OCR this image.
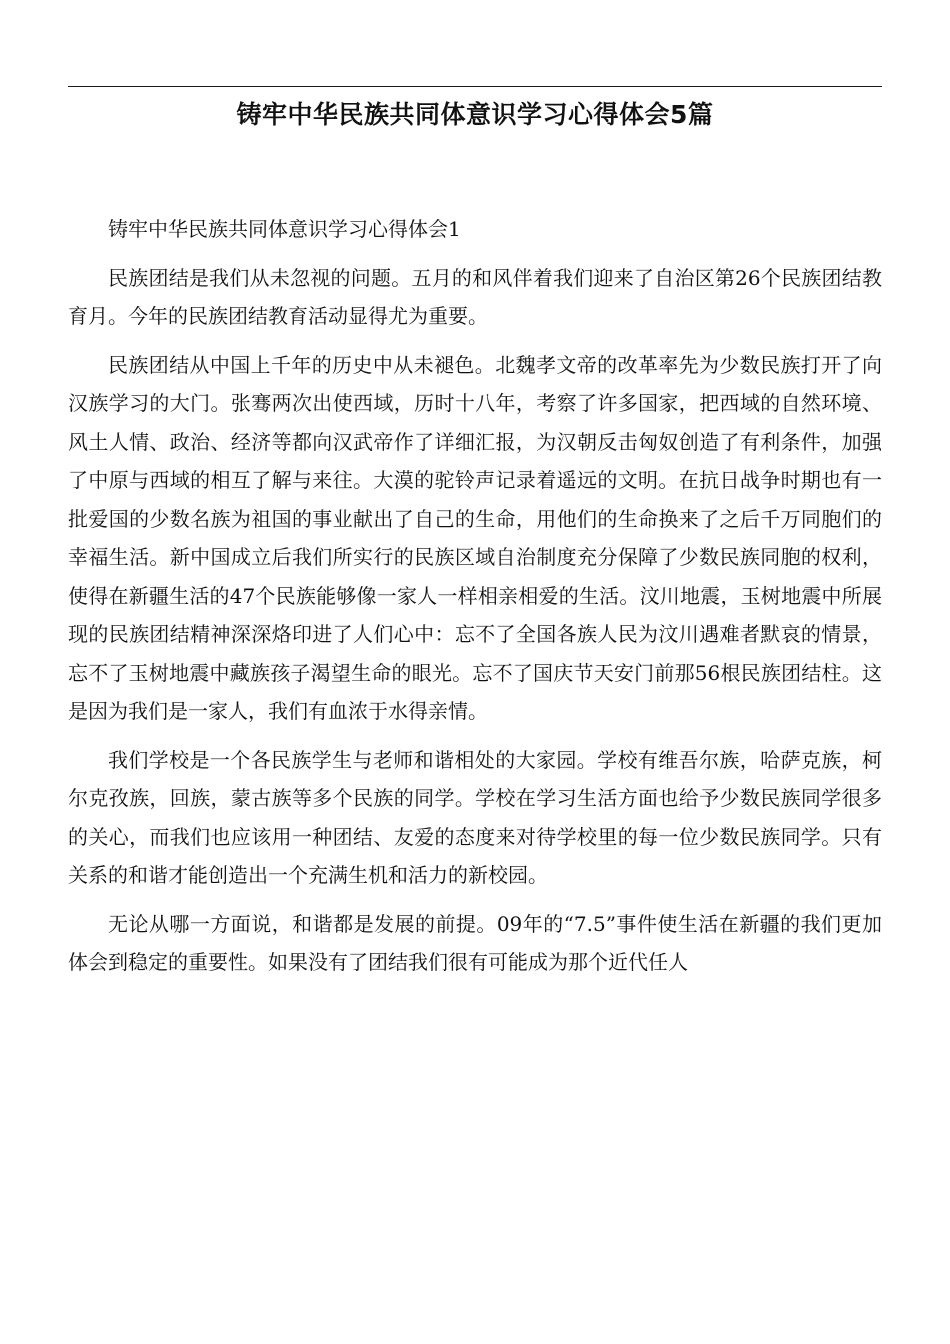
铸牢中华民族共同体意识学习心得体会5篇

铸牢中华民族共同体意识学习心得体会1

民族团结是我们从未忽视的问题。五月的和风伴着我们迎来了自治区第26个民族团结教育月。今年的民族团结教育活动显得尤为重要。

民族团结从中国上千年的历史中从未褪色。北魏孝文帝的改革率先为少数民族打开了向汉族学习的大门。张骞两次出使西域，历时十八年，考察了许多国家，把西域的自然环境、风土人情、政治、经济等都向汉武帝作了详细汇报，为汉朝反击匈奴创造了有利条件，加强了中原与西域的相互了解与来往。大漠的驼铃声记录着遥远的文明。在抗日战争时期也有一批爱国的少数名族为祖国的事业献出了自己的生命，用他们的生命换来了之后千万同胞们的幸福生活。新中国成立后我们所实行的民族区域自治制度充分保障了少数民族同胞的权利，使得在新疆生活的47个民族能够像一家人一样相亲相爱的生活。汶川地震，玉树地震中所展现的民族团结精神深深烙印进了人们心中：忘不了全国各族人民为汶川遇难者默哀的情景，忘不了玉树地震中藏族孩子渴望生命的眼光。忘不了国庆节天安门前那56根民族团结柱。这是因为我们是一家人，我们有血浓于水得亲情。

我们学校是一个各民族学生与老师和谐相处的大家园。学校有维吾尔族，哈萨克族，柯尔克孜族，回族，蒙古族等多个民族的同学。学校在学习生活方面也给予少数民族同学很多的关心，而我们也应该用一种团结、友爱的态度来对待学校里的每一位少数民族同学。只有关系的和谐才能创造出一个充满生机和活力的新校园。

无论从哪一方面说，和谐都是发展的前提。09年的“7.5”事件使生活在新疆的我们更加体会到稳定的重要性。如果没有了团结我们很有可能成为那个近代任人
